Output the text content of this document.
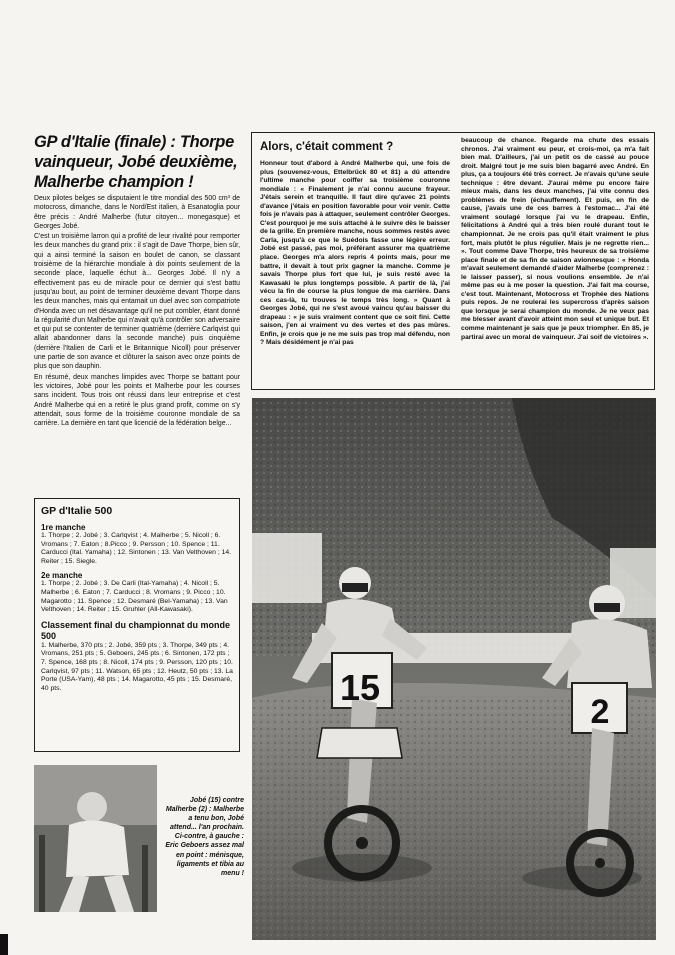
GP d'Italie (finale) : Thorpe vainqueur, Jobé deuxième, Malherbe champion !

Deux pilotes belges se disputaient le titre mondial des 500 cm³ de motocross, dimanche, dans le Nord/Est italien, à Esanatoglia pour être précis : André Malherbe (futur citoyen... monegasque) et Georges Jobé.

C'est un troisième larron qui a profité de leur rivalité pour remporter les deux manches du grand prix : il s'agit de Dave Thorpe, bien sûr, qui a ainsi terminé la saison en boulet de canon, se classant troisième de la hiérarchie mondiale à dix points seulement de la seconde place, laquelle échut à... Georges Jobé. Il n'y a effectivement pas eu de miracle pour ce dernier qui s'est battu jusqu'au bout, au point de terminer deuxième devant Thorpe dans les deux manches, mais qui entamait un duel avec son compatriote d'Honda avec un net désavantage qu'il ne put combler, étant donné la régularité d'un Malherbe qui n'avait qu'à contrôler son adversaire et qui put se contenter de terminer quatrième (derrière Carlqvist qui allait abandonner dans la seconde manche) puis cinquième (derrière l'Italien de Carli et le Britannique Nicoll) pour préserver une partie de son avance et clôturer la saison avec onze points de plus que son dauphin.

En résumé, deux manches limpides avec Thorpe se battant pour les victoires, Jobé pour les points et Malherbe pour les courses sans incident. Tous trois ont réussi dans leur entreprise et c'est André Malherbe qui en a retiré le plus grand profit, comme on s'y attendait, sous forme de la troisième couronne mondiale de sa carrière. La dernière en tant que licencié de la fédération belge...

Alors, c'était comment ?
Honneur tout d'abord à André Malherbe qui, une fois de plus (souvenez-vous, Ettelbrück 80 et 81) a dû attendre l'ultime manche pour coiffer sa troisième couronne mondiale : « Finalement je n'ai connu aucune frayeur. J'étais serein et tranquille. Il faut dire qu'avec 21 points d'avance j'étais en position favorable pour voir venir. Cette fois je n'avais pas à attaquer, seulement contrôler Georges. C'est pourquoi je me suis attaché à le suivre dès le baisser de la grille. En première manche, nous sommes restés avec Carla, jusqu'à ce que le Suédois fasse une légère erreur. Jobé est passé, pas moi, préférant assurer ma quatrième place. Georges m'a alors repris 4 points mais, pour me battre, il devait à tout prix gagner la manche. Comme je savais Thorpe plus fort que lui, je suis resté avec la Kawasaki le plus longtemps possible. A partir de là, j'ai vécu la fin de course la plus longue de ma carrière. Dans ces cas-là, tu trouves le temps très long. » Quant à Georges Jobé, qui ne s'est avoué vaincu qu'au baisser du drapeau : « je suis vraiment content que ce soit fini. Cette saison, j'en ai vraiment vu des vertes et des pas mûres. Enfin, je crois que je ne me suis pas trop mal défendu, non ? Mais désidément je n'ai pas
beaucoup de chance. Regarde ma chute des essais chronos. J'ai vraiment eu peur, et crois-moi, ça m'a fait bien mal. D'ailleurs, j'ai un petit os de cassé au pouce droit. Malgré tout je me suis bien bagarré avec André. En plus, ça a toujours été très correct. Je n'avais qu'une seule technique : être devant. J'aurai même pu encore faire mieux mais, dans les deux manches, j'ai vite connu des problèmes de frein (échauffement). Et puis, en fin de cause, j'avais une de ces barres à l'estomac... J'ai été vraiment soulagé lorsque j'ai vu le drapeau. Enfin, félicitations à André qui a très bien roulé durant tout le championnat. Je ne crois pas qu'il était vraiment le plus fort, mais plutôt le plus régulier. Mais je ne regrette rien... ». Tout comme Dave Thorpe, très heureux de sa troisième place finale et de sa fin de saison avionnesque : « Honda m'avait seulement demandé d'aider Malherbe (comprenez : le laisser passer), si nous voulions ensemble. Je n'ai même pas eu à me poser la question. J'ai fait ma course, c'est tout. Maintenant, Motocross et Trophée des Nations puis repos. Je ne roulerai les supercross d'après saison que lorsque je serai champion du monde. Je ne veux pas me blesser avant d'avoir atteint mon seul et unique but. Et comme maintenant je sais que je peux triompher. En 85, je partirai avec un moral de vainqueur. J'ai soif de victoires ».
GP d'Italie 500
1re manche
1. Thorpe ; 2. Jobé ; 3. Carlqvist ; 4. Malherbe ; 5. Nicoll ; 6. Vromans ; 7. Eaton ; 8.Picco ; 9. Persson ; 10. Spence ; 11. Carducci (Ital. Yamaha) ; 12. Sintonen ; 13. Van Velthoven ; 14. Reiter ; 15. Siegle.
2e manche
1. Thorpe ; 2. Jobé ; 3. De Carli (Ital-Yamaha) ; 4. Nicoll ; 5. Malherbe ; 6. Eaton ; 7. Carducci ; 8. Vromans ; 9. Picco ; 10. Magarotto ; 11. Spence ; 12. Desmaré (Bel-Yamaha) ; 13. Van Velthoven ; 14. Reiter ; 15. Gruhler (All-Kawasaki).
Classement final du championnat du monde 500
1. Malherbe, 370 pts ; 2. Jobé, 359 pts ; 3. Thorpe, 349 pts ; 4. Vromans, 251 pts ; 5. Geboers, 245 pts ; 6. Sintonen, 172 pts ; 7. Spence, 168 pts ; 8. Nicoll, 174 pts ; 9. Persson, 120 pts ; 10. Carlqvist, 97 pts ; 11. Watson, 65 pts ; 12. Heutz, 50 pts ; 13. La Porte (USA-Yam), 48 pts ; 14. Magarotto, 45 pts ; 15. Desmaré, 40 pts.	15
2
Jobé (15) contre Malherbe (2) : Malherbe a tenu bon, Jobé attend... l'an prochain. Ci-contre, à gauche : Eric Geboers assez mal en point : ménisque, ligaments et tibia au menu !
